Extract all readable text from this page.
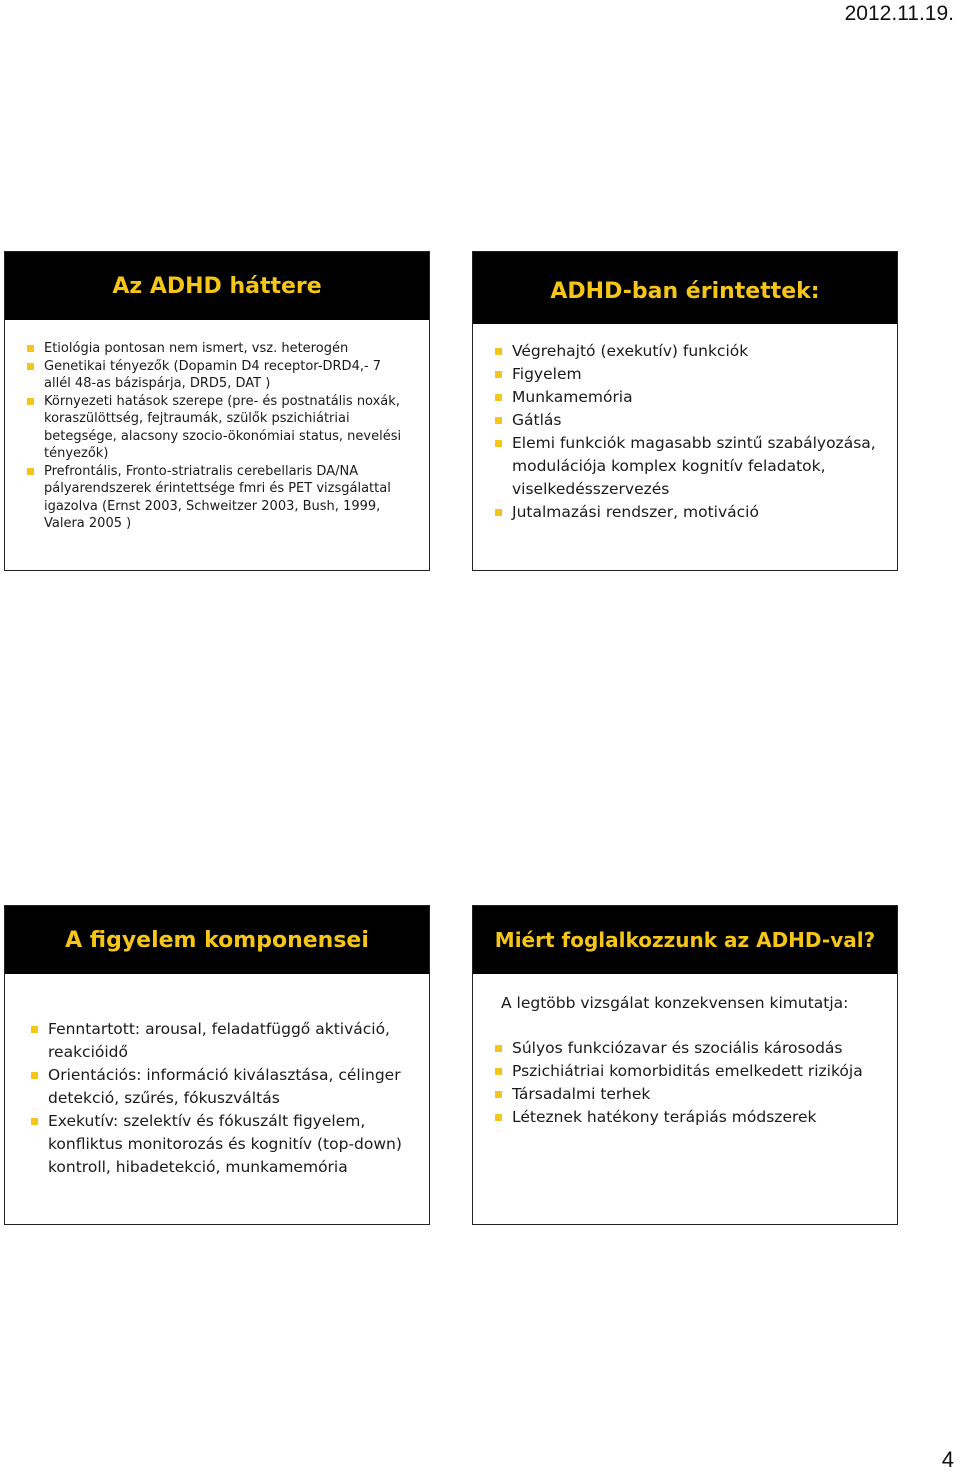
2012.11.19.
Az ADHD háttere
Etiológia pontosan nem ismert, vsz. heterogén
Genetikai tényezők (Dopamin D4 receptor-DRD4,- 7 allél 48-as bázispárja, DRD5, DAT )
Környezeti hatások szerepe (pre- és postnatális noxák, koraszülöttség, fejtraumák, szülők pszichiátriai betegsége, alacsony szocio-ökonómiai status, nevelési tényezők)
Prefrontális, Fronto-striatralis cerebellaris DA/NA pályarendszerek érintettsége fmri és PET vizsgálattal igazolva (Ernst 2003, Schweitzer 2003, Bush, 1999, Valera 2005 )
ADHD-ban érintettek:
Végrehajtó (exekutív) funkciók
Figyelem
Munkamemória
Gátlás
Elemi funkciók magasabb szintű szabályozása, modulációja komplex kognitív feladatok, viselkedésszervezés
Jutalmazási rendszer, motiváció
A figyelem komponensei
Fenntartott: arousal, feladatfüggő aktiváció, reakcióidő
Orientációs: információ kiválasztása, célinger detekció, szűrés, fókuszváltás
Exekutív: szelektív és fókuszált figyelem, konfliktus monitorozás és kognitív (top-down) kontroll, hibadetekció, munkamemória
Miért foglalkozzunk az ADHD-val?

A legtöbb vizsgálat konzekvensen kimutatja:

Súlyos funkciózavar és szociális károsodás
Pszichiátriai komorbiditás emelkedett rizikója
Társadalmi terhek
Léteznek hatékony terápiás módszerek
4
